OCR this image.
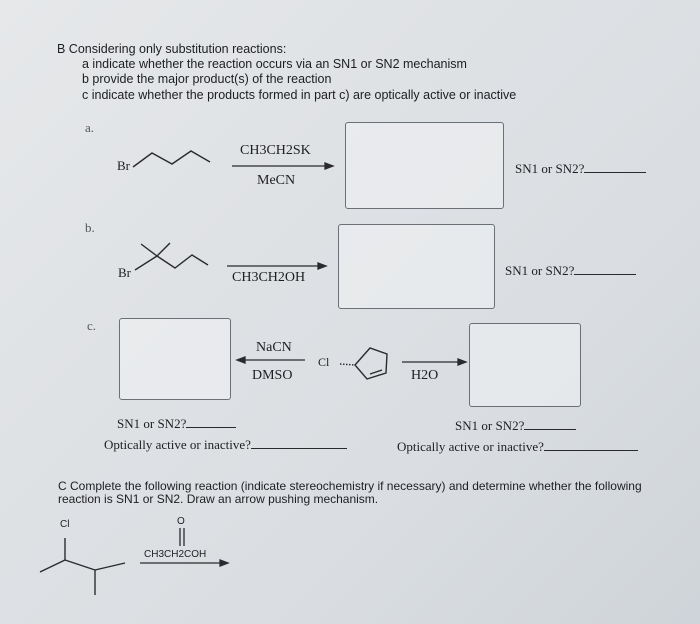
B Considering only substitution reactions:
a indicate whether the reaction occurs via an SN1 or SN2 mechanism
b provide the major product(s) of the reaction
c indicate whether the products formed in part c) are optically active or inactive
a.
Br
CH3CH2SK
MeCN
SN1 or SN2?
b.
Br	CH3CH2OH	SN1 or SN2?
c.
NaCN
DMSO
Cl
H2O
SN1 or SN2?
Optically active or inactive?
SN1 or SN2?
Optically active or inactive?
C Complete the following reaction (indicate stereochemistry if necessary) and determine whether the following reaction is SN1 or SN2. Draw an arrow pushing mechanism.
Cl	O
CH3CH2COH
